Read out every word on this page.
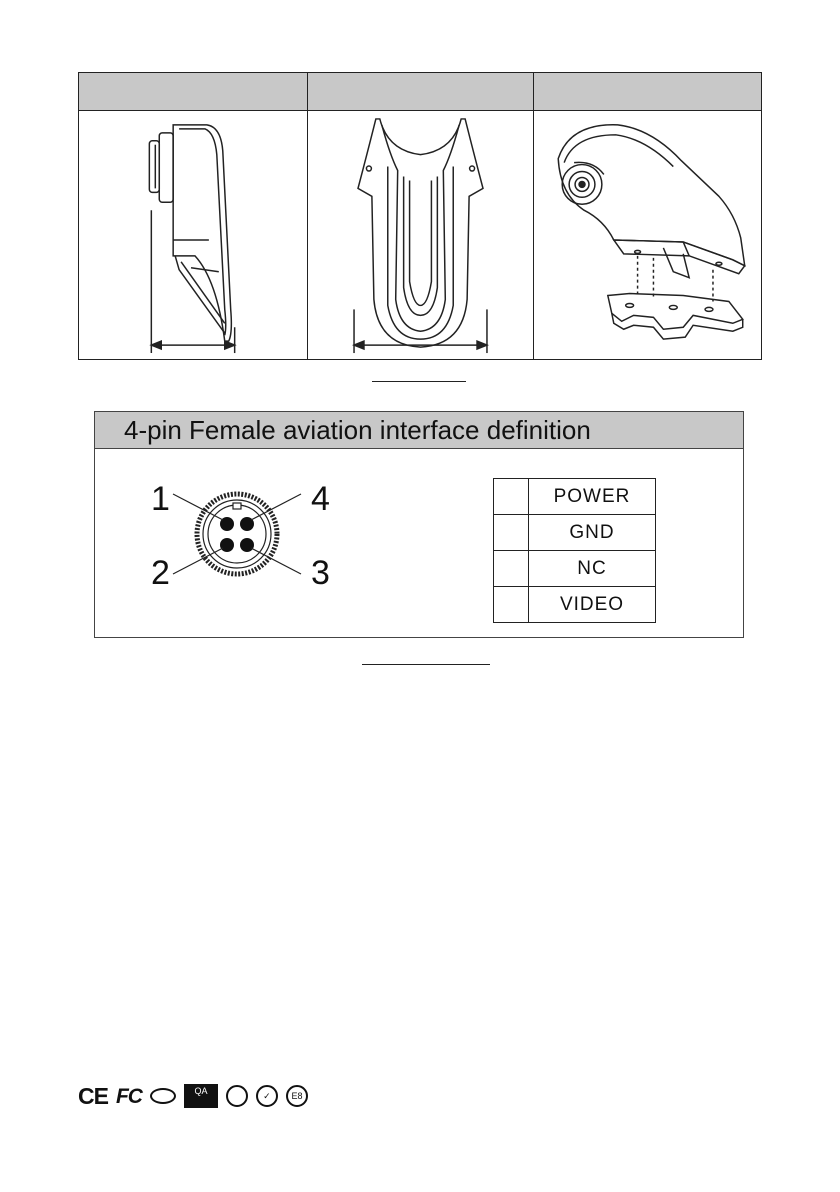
4-pin Female aviation interface definition
1
2	3
4
		POWER
	GND
	NC
	VIDEO
CE FC	QA	✓	E8
